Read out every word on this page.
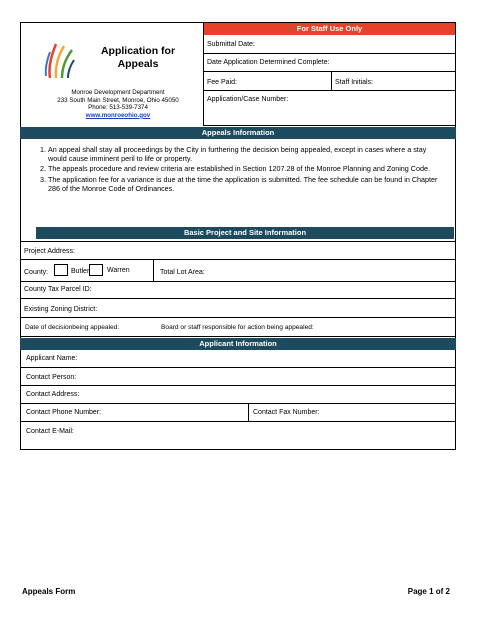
Application for
Appeals
Monroe Development Department
233 South Main Street, Monroe, Ohio 45050
Phone: 513-539-7374
www.monroeohio.gov
For Staff Use Only
Submittal Date:
Date Application Determined Complete:
Fee Paid:	Staff Initials:
Application/Case Number:
Appeals Information
1. An appeal shall stay all proceedings by the City in furthering the decision being appealed, except in cases where a stay would cause imminent peril to life or property.
2. The appeals procedure and review criteria are established in Section 1207.28 of the Monroe Planning and Zoning Code.
3. The application fee for a variance is due at the time the application is submitted. The fee schedule can be found in Chapter 286 of the Monroe Code of Ordinances.
Basic Project and Site Information
Project Address:
County:	Butler	Warren	Total Lot Area:
County Tax Parcel ID:
Existing Zoning District:
Date of decisionbeing appealed:	Board or staff responsible for action being appealed:
Applicant Information
Applicant Name:
Contact Person:
Contact Address:
Contact Phone Number:	Contact Fax Number:
Contact E-Mail:
Appeals Form	Page 1 of 2
